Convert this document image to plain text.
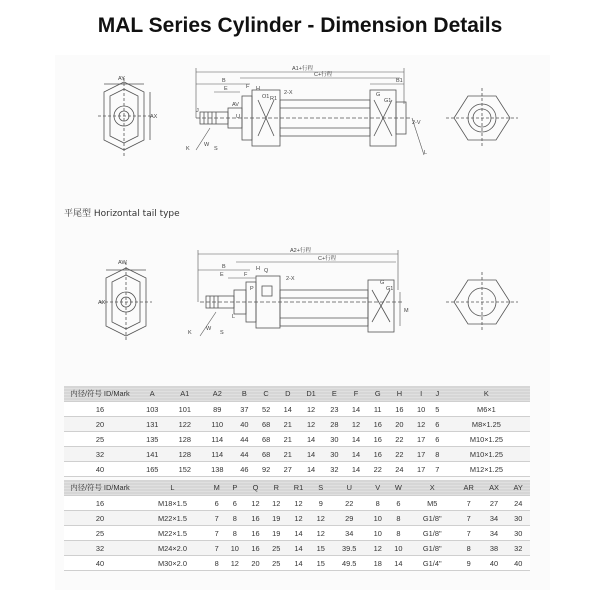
MAL Series Cylinder - Dimension Details
AY
AX
A1+行程
C+行程
B1
B
E	F H
O1 R1
G
G1
AV
2-X
U
J
2-V
K
W
L
S
AW
AX
A2+行程
C+行程
B
E	F
H Q
2-X
G
G1
M
P
K
W
L
S
平尾型 Horizontal tail type
内径/符号 ID/Mark	A	A1	A2	B	C	D	D1	E	F	G	H	I	J	K
16	103	101	89	37	52	14	12	23	14	11	16	10	5	M6×1
20	131	122	110	40	68	21	12	28	12	16	20	12	6	M8×1.25
25	135	128	114	44	68	21	14	30	14	16	22	17	6	M10×1.25
32	141	128	114	44	68	21	14	30	14	16	22	17	8	M10×1.25
40	165	152	138	46	92	27	14	32	14	22	24	17	7	M12×1.25
内径/符号 ID/Mark	L	M	P	Q	R	R1	S	U	V	W	X	AR	AX	AY
16	M18×1.5	6	6	12	12	12	9	22	8	6	M5	7	27	24
20	M22×1.5	7	8	16	19	12	12	29	10	8	G1/8"	7	34	30
25	M22×1.5	7	8	16	19	14	12	34	10	8	G1/8"	7	34	30
32	M24×2.0	7	10	16	25	14	15	39.5	12	10	G1/8"	8	38	32
40	M30×2.0	8	12	20	25	14	15	49.5	18	14	G1/4"	9	40	40
